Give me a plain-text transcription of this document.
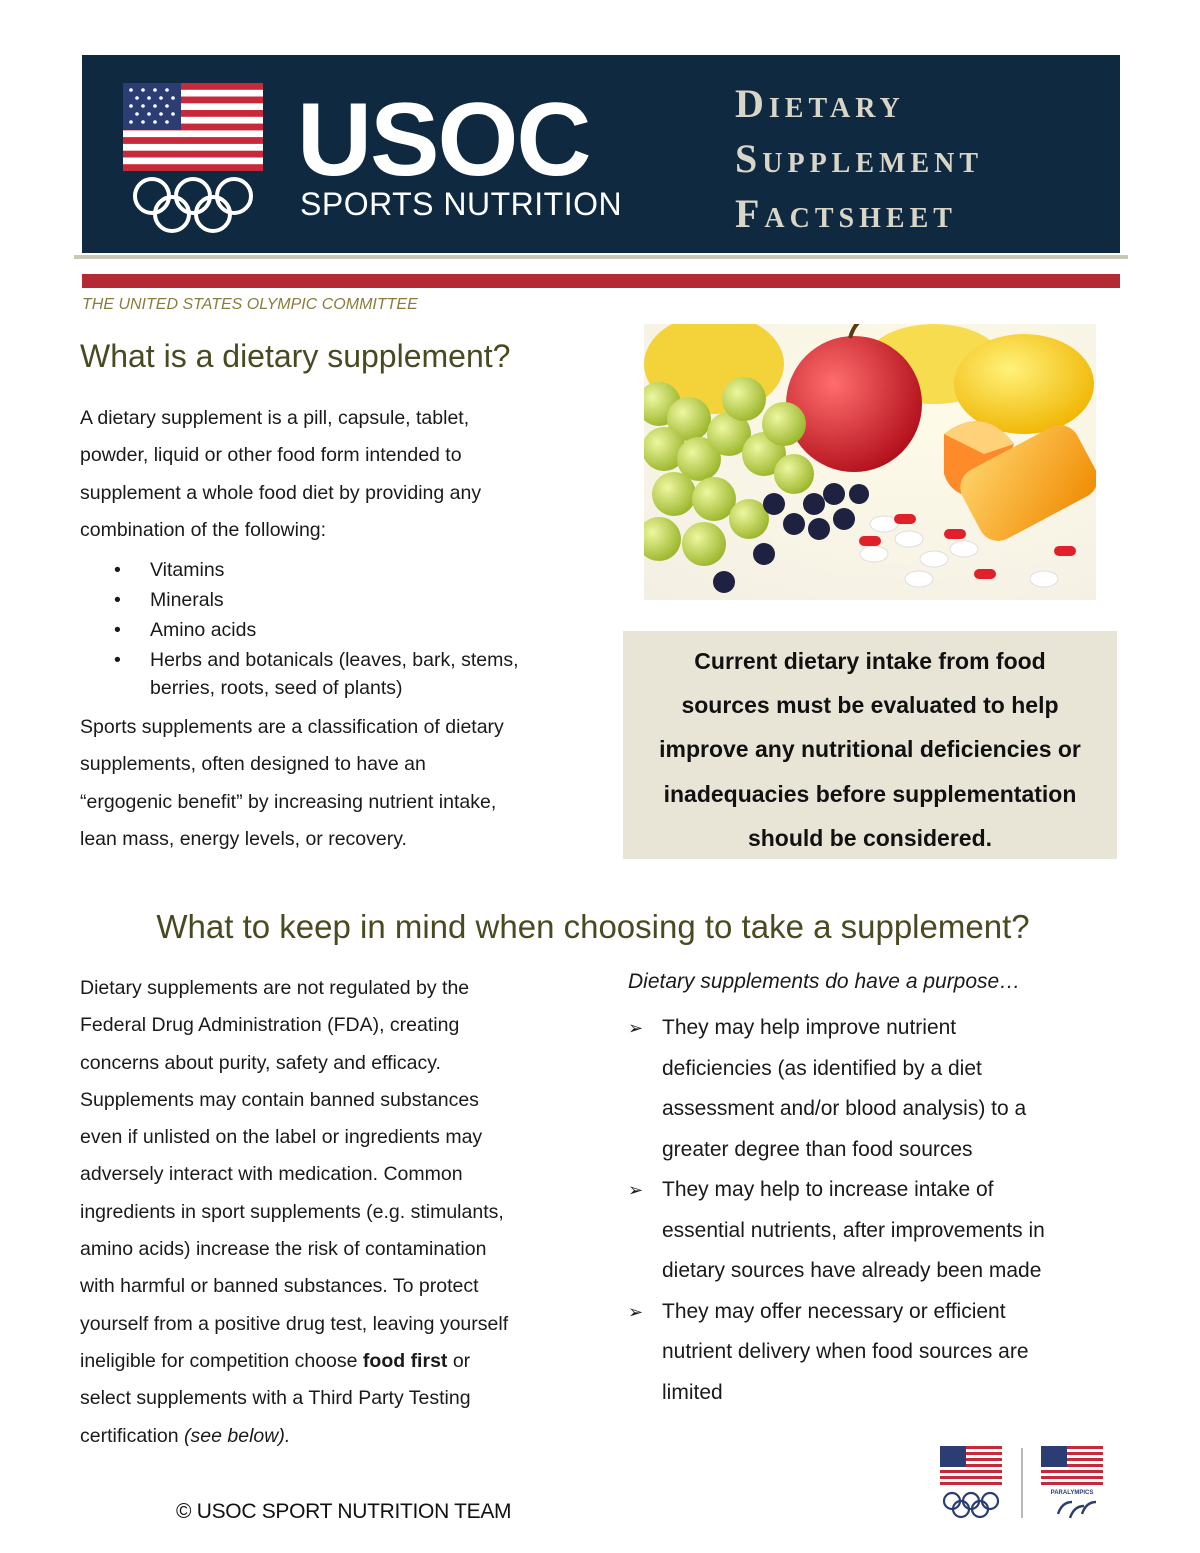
USOC
SPORTS NUTRITION
Dietary
Supplement
Factsheet
THE UNITED STATES OLYMPIC COMMITTEE
What is a dietary supplement?
A dietary supplement is a pill, capsule, tablet,
powder, liquid or other food form intended to
supplement a whole food diet by providing any
combination of the following:
• Vitamins
• Minerals
• Amino acids
• Herbs and botanicals (leaves, bark, stems, berries, roots, seed of plants)
Sports supplements are a classification of dietary
supplements, often designed to have an
“ergogenic benefit” by increasing nutrient intake,
lean mass, energy levels, or recovery.
Current dietary intake from food
sources must be evaluated to help
improve any nutritional deficiencies or
inadequacies before supplementation
should be considered.
What to keep in mind when choosing to take a supplement?
Dietary supplements are not regulated by the
Federal Drug Administration (FDA), creating
concerns about purity, safety and efficacy.
Supplements may contain banned substances
even if unlisted on the label or ingredients may
adversely interact with medication. Common
ingredients in sport supplements (e.g. stimulants,
amino acids) increase the risk of contamination
with harmful or banned substances. To protect
yourself from a positive drug test, leaving yourself
ineligible for competition choose food first or
select supplements with a Third Party Testing
certification (see below).
Dietary supplements do have a purpose…
➢ They may help improve nutrient
deficiencies (as identified by a diet
assessment and/or blood analysis) to a
greater degree than food sources
➢ They may help to increase intake of
essential nutrients, after improvements in
dietary sources have already been made
➢ They may offer necessary or efficient
nutrient delivery when food sources are
limited
© USOC SPORT NUTRITION TEAM
PARALYMPICS
